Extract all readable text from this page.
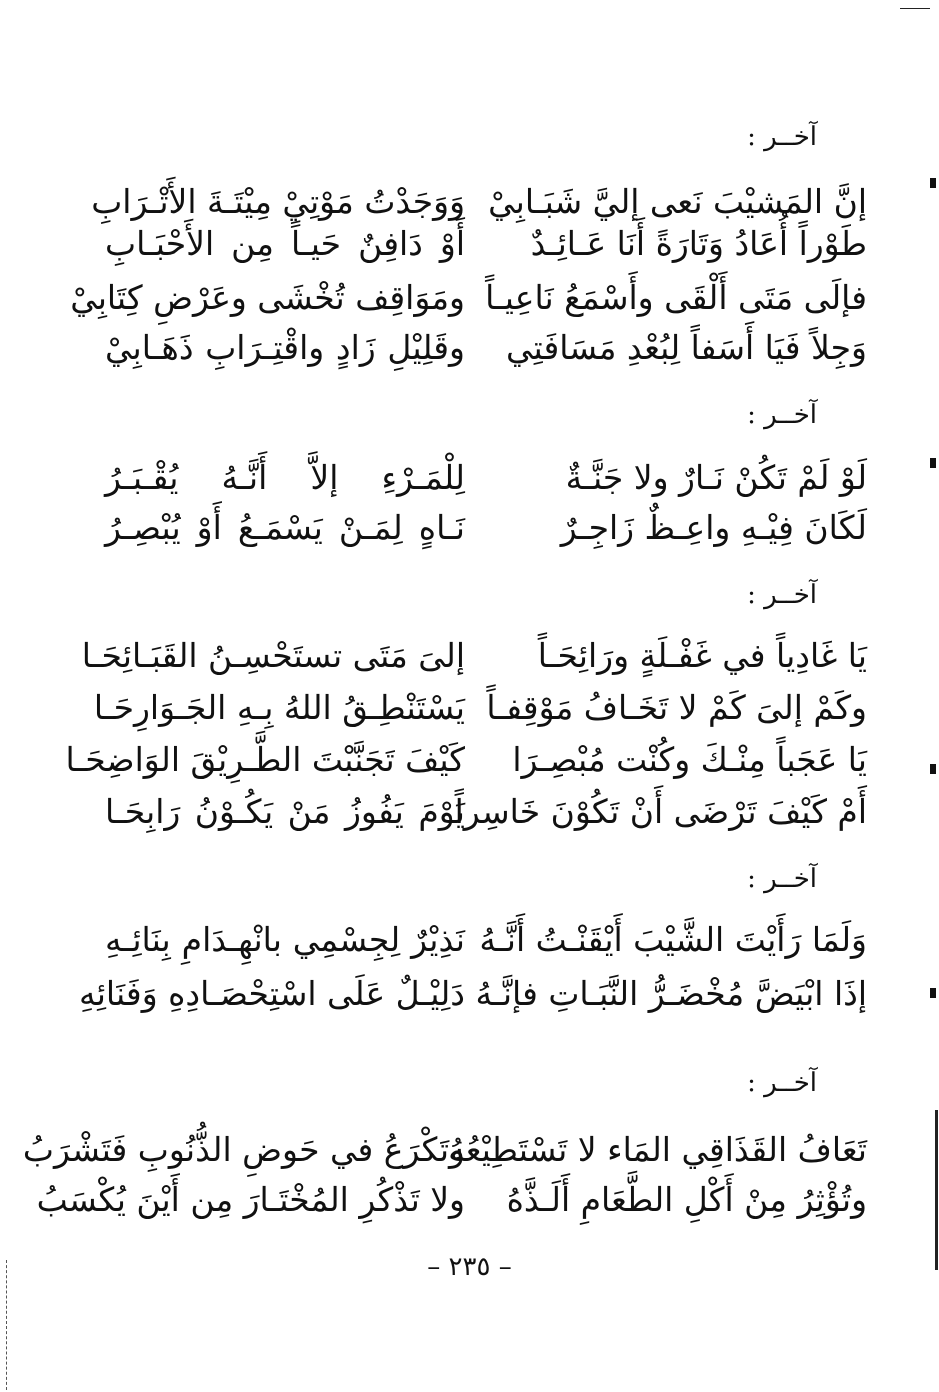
آخــر :
إنَّ المَشيْبَ نَعى إليَّ شَبَـابِيْ
وَوَجَدْتُ مَوْتِيْ مِيْتَـةَ الأَتْـرَابِ
طَوْراً أُعَادُ وَتَارَةً أَنَا عَـائِـدٌ
أَوْ دَافِنٌ حَيـاً مِن الأَحْبَـابِ
فإلَى مَتَى أَلْقَى وأَسْمَعُ نَاعِيـاً
ومَوَاقِف تُخْشَى وعَرْضِ كِتَابِيْ
وَجِلاً فَيَا أَسَفاً لِبُعْدِ مَسَافَتِي
وقَلِيْلِ زَادٍ واقْتِـرَابِ ذَهَـابِيْ
آخــر :
لَوْ لَمْ تَكُنْ نَـارٌ ولا جَنَّـةٌ
لِلْمَـرْءِ إلاَّ أَنَّـهُ يُقْـبَـرُ
لَكَانَ فِيْـهِ واعِـظٌ زَاجِـرٌ
نَـاهٍ لِمَـنْ يَسْمَـعُ أَوْ يُبْصِـرُ
آخــر :
يَا غَادِياً في غَفْـلَةٍ ورَائِحَـاً
إلىَ مَتَى تستَحْسِـنُ القَبَـائِحَـا
وكَمْ إلىَ كَمْ لا تَخَـافُ مَوْقِفـاً
يَسْتَنْطِـقُ اللهُ بِـهِ الجَـوَارِحَـا
يَا عَجَباً مِنْـكَ وكُنْت مُبْصِـرَا
كَيْفَ تَجَنَّبْتَ الطَّـرِيْقَ الوَاضِحَـا
أَمْ كَيْفَ تَرْضَى أَنْ تَكُوْنَ خَاسِراً
يَوْمَ يَفُوزُ مَنْ يَكُـوْنُ رَابِحَـا
آخــر :
وَلَمَا رَأَيْتَ الشَّيْبَ أَيْقَنْـتُ أَنَّـهُ
نَذِيْرٌ لِجِسْمِي بانْهِـدَامِ بِنَائِـهِ
إذَا ابْيَضَّ مُخْضَـرُّ النَّبَـاتِ فإنَّـهُ
دَلِيْـلٌ عَلَى اسْتِحْصَـادِهِ وَفَنَائِهِ
آخــر :
تَعَافُ القَذَاقِي المَاء لا تَسْتَطِيْعُهُ
وتَكْرَعُ في حَوضِ الذُّنُوبِ فَتَشْرَبُ
وتُؤْثِرُ مِنْ أَكْلِ الطَّعَامِ أَلَـذَّهُ
ولا تَذْكُرِ المُخْتَـارَ مِن أَيْنَ يُكْسَبُ
– ٢٣٥ –
